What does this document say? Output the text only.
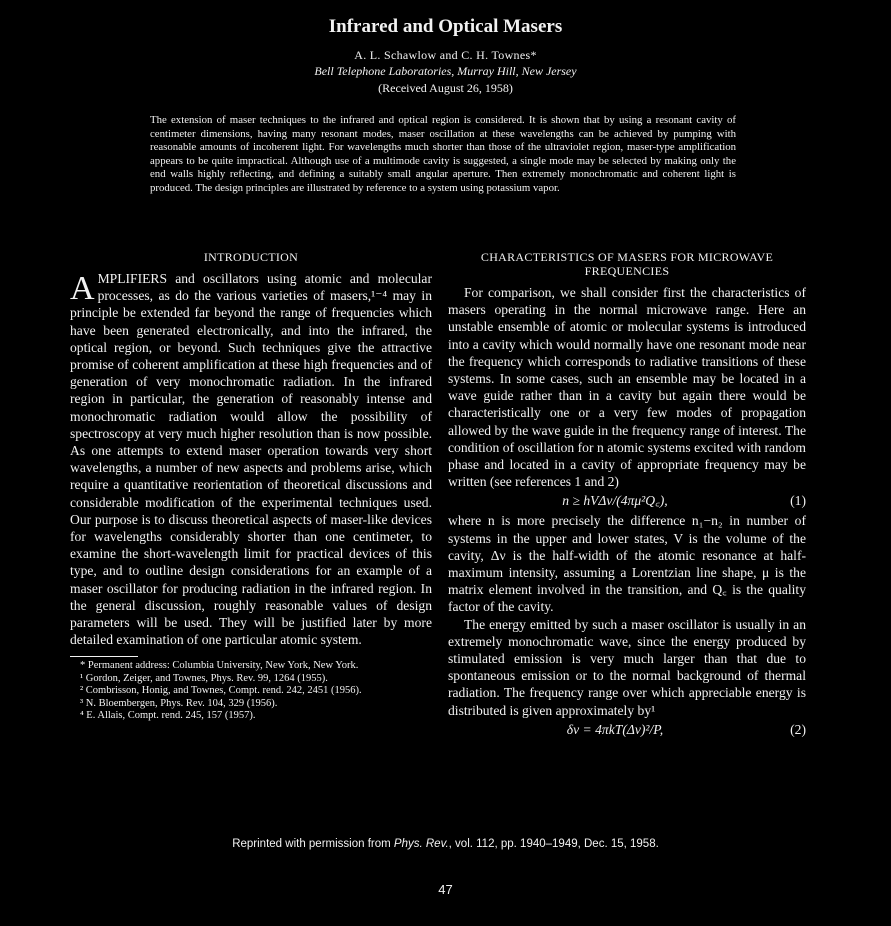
Infrared and Optical Masers
A. L. Schawlow and C. H. Townes*
Bell Telephone Laboratories, Murray Hill, New Jersey
(Received August 26, 1958)

The extension of maser techniques to the infrared and optical region is considered. It is shown that by using a resonant cavity of centimeter dimensions, having many resonant modes, maser oscillation at these wavelengths can be achieved by pumping with reasonable amounts of incoherent light. For wavelengths much shorter than those of the ultraviolet region, maser-type amplification appears to be quite impractical. Although use of a multimode cavity is suggested, a single mode may be selected by making only the end walls highly reflecting, and defining a suitably small angular aperture. Then extremely monochromatic and coherent light is produced. The design principles are illustrated by reference to a system using potassium vapor.

INTRODUCTION

AMPLIFIERS and oscillators using atomic and molecular processes, as do the various varieties of masers,¹⁻⁴ may in principle be extended far beyond the range of frequencies which have been generated electronically, and into the infrared, the optical region, or beyond. Such techniques give the attractive promise of coherent amplification at these high frequencies and of generation of very monochromatic radiation. In the infrared region in particular, the generation of reasonably intense and monochromatic radiation would allow the possibility of spectroscopy at very much higher resolution than is now possible. As one attempts to extend maser operation towards very short wavelengths, a number of new aspects and problems arise, which require a quantitative reorientation of theoretical discussions and considerable modification of the experimental techniques used. Our purpose is to discuss theoretical aspects of maser-like devices for wavelengths considerably shorter than one centimeter, to examine the short-wavelength limit for practical devices of this type, and to outline design considerations for an example of a maser oscillator for producing radiation in the infrared region. In the general discussion, roughly reasonable values of design parameters will be used. They will be justified later by more detailed examination of one particular atomic system.

* Permanent address: Columbia University, New York, New York.

¹ Gordon, Zeiger, and Townes, Phys. Rev. 99, 1264 (1955).

² Combrisson, Honig, and Townes, Compt. rend. 242, 2451 (1956).

³ N. Bloembergen, Phys. Rev. 104, 329 (1956).

⁴ E. Allais, Compt. rend. 245, 157 (1957).

CHARACTERISTICS OF MASERS FOR MICROWAVE FREQUENCIES

For comparison, we shall consider first the characteristics of masers operating in the normal microwave range. Here an unstable ensemble of atomic or molecular systems is introduced into a cavity which would normally have one resonant mode near the frequency which corresponds to radiative transitions of these systems. In some cases, such an ensemble may be located in a wave guide rather than in a cavity but again there would be characteristically one or a very few modes of propagation allowed by the wave guide in the frequency range of interest. The condition of oscillation for n atomic systems excited with random phase and located in a cavity of appropriate frequency may be written (see references 1 and 2)

n ≥ hVΔν/(4πμ²Q꜀),	(1)

where n is more precisely the difference n₁−n₂ in number of systems in the upper and lower states, V is the volume of the cavity, Δν is the half-width of the atomic resonance at half-maximum intensity, assuming a Lorentzian line shape, μ is the matrix element involved in the transition, and Q꜀ is the quality factor of the cavity.

The energy emitted by such a maser oscillator is usually in an extremely monochromatic wave, since the energy produced by stimulated emission is very much larger than that due to spontaneous emission or to the normal background of thermal radiation. The frequency range over which appreciable energy is distributed is given approximately by¹

δν = 4πkT(Δν)²/P,	(2)
Reprinted with permission from Phys. Rev., vol. 112, pp. 1940–1949, Dec. 15, 1958.
47
